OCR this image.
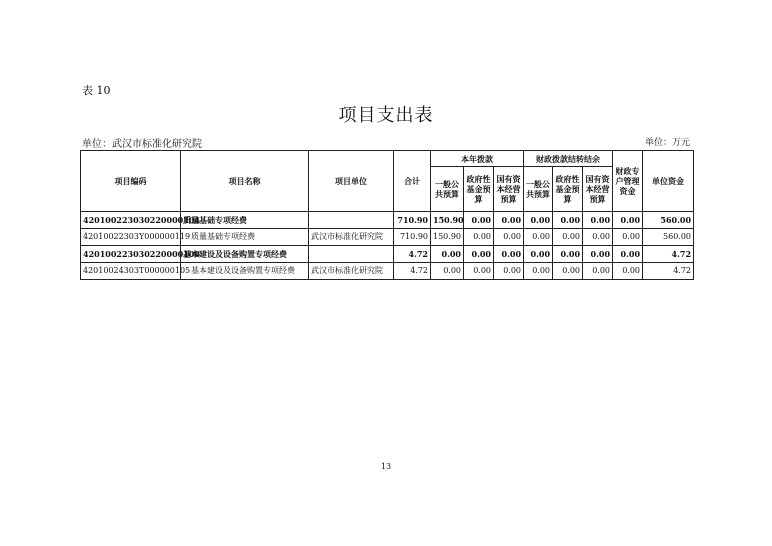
表 10
项目支出表
单位：武汉市标准化研究院	单位：万元
项目编码	项目名称	项目单位	合计	本年拨款			财政拨款结转结余			财政专户管理资金	单位资金
				一般公共预算	政府性基金预算	国有资本经营预算	一般公共预算	政府性基金预算	国有资本经营预算		
420100223030220000104	质量基础专项经费		710.90	150.90	0.00	0.00	0.00	0.00	0.00	0.00	560.00
42010022303Y000000119	质量基础专项经费	武汉市标准化研究院	710.90	150.90	0.00	0.00	0.00	0.00	0.00	0.00	560.00
420100223030220000108	基本建设及设备购置专项经费		4.72	0.00	0.00	0.00	0.00	0.00	0.00	0.00	4.72
42010024303T000000105	基本建设及设备购置专项经费	武汉市标准化研究院	4.72	0.00	0.00	0.00	0.00	0.00	0.00	0.00	4.72
13
